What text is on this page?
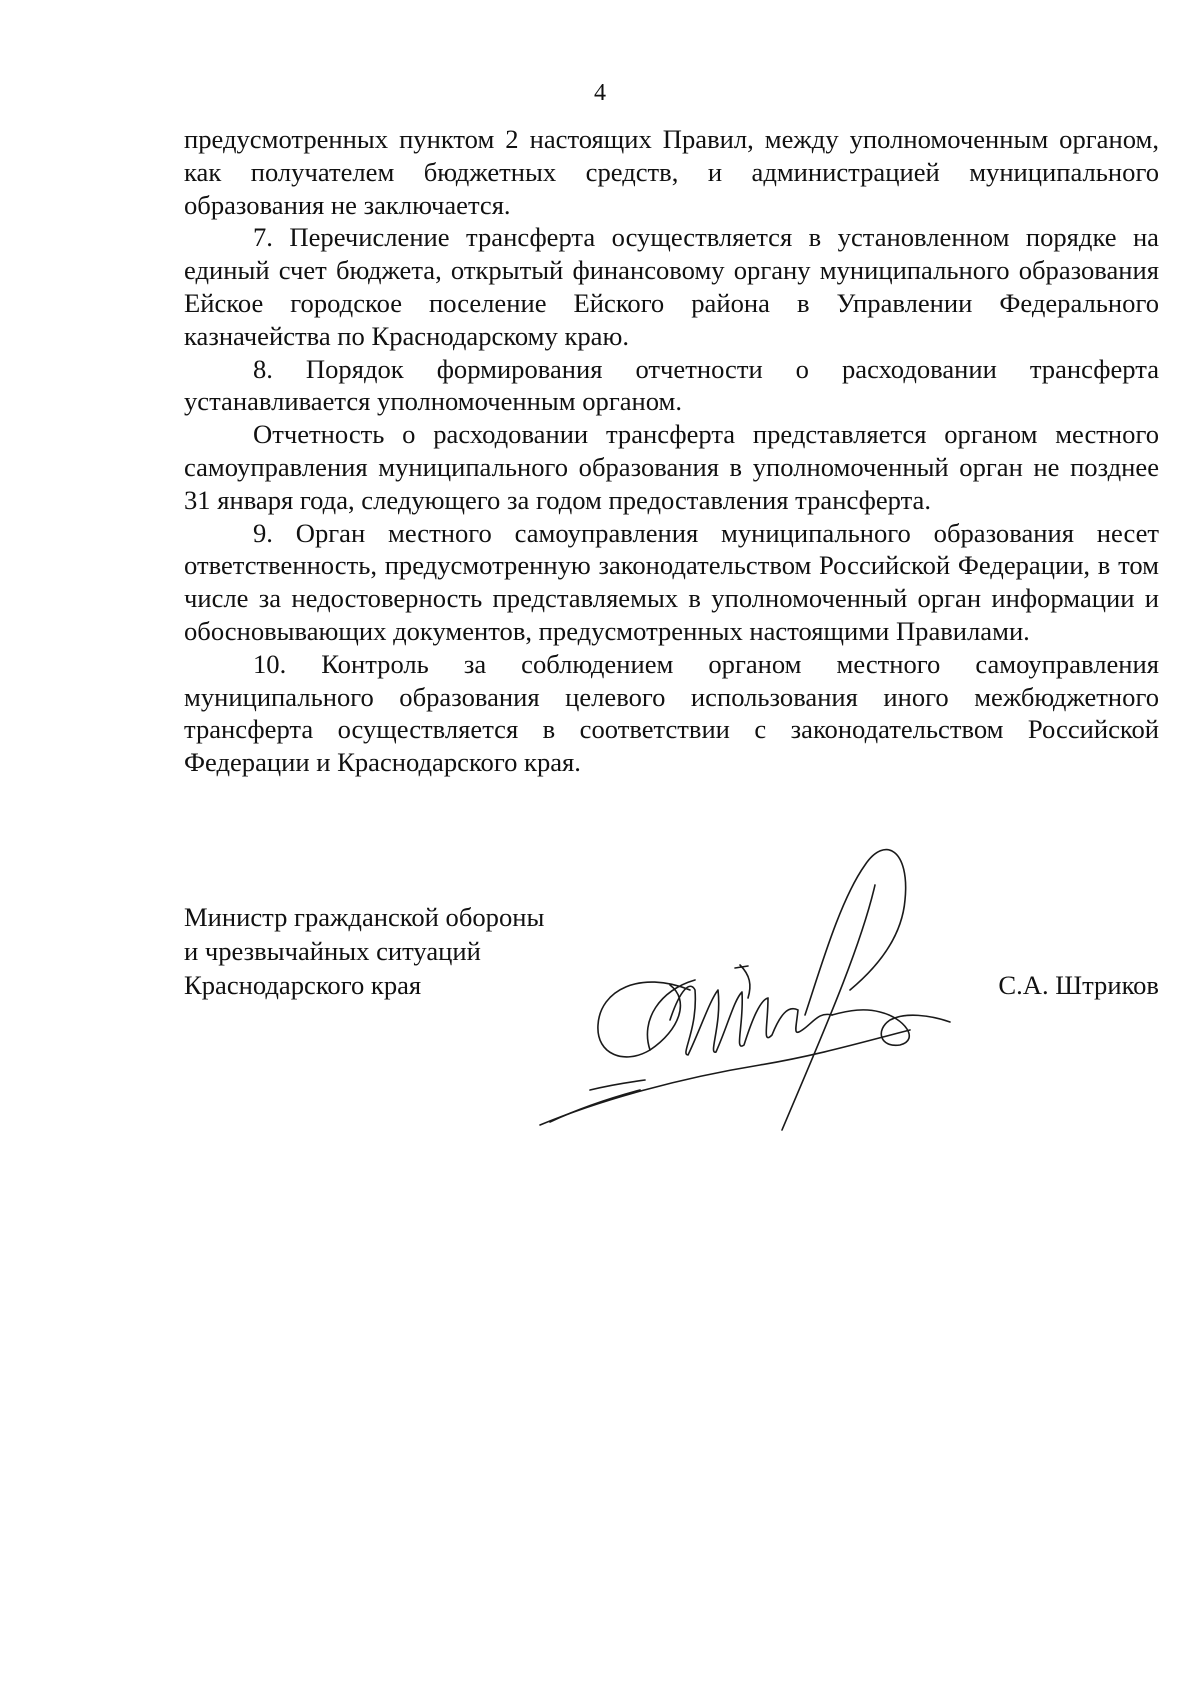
4

предусмотренных пунктом 2 настоящих Правил, между уполномоченным органом, как получателем бюджетных средств, и администрацией муниципального образования не заключается.

7. Перечисление трансферта осуществляется в установленном порядке на единый счет бюджета, открытый финансовому органу муниципального образования Ейское городское поселение Ейского района в Управлении Федерального казначейства по Краснодарскому краю.

8. Порядок формирования отчетности о расходовании трансферта устанавливается уполномоченным органом.

Отчетность о расходовании трансферта представляется органом местного самоуправления муниципального образования в уполномоченный орган не позднее 31 января года, следующего за годом предоставления трансферта.

9. Орган местного самоуправления муниципального образования несет ответственность, предусмотренную законодательством Российской Федерации, в том числе за недостоверность представляемых в уполномоченный орган информации и обосновывающих документов, предусмотренных настоящими Правилами.

10. Контроль за соблюдением органом местного самоуправления муниципального образования целевого использования иного межбюджетного трансферта осуществляется в соответствии с законодательством Российской Федерации и Краснодарского края.

Министр гражданской обороны
и чрезвычайных ситуаций
Краснодарского края	С.А. Штриков
